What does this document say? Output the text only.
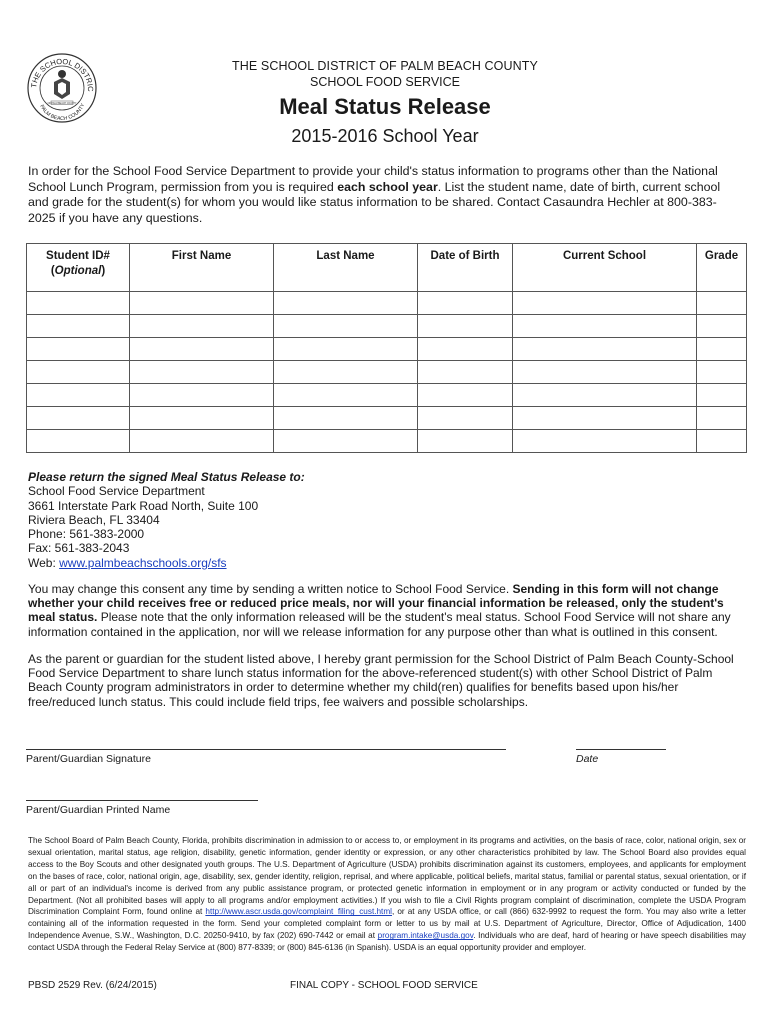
THE SCHOOL DISTRIC
PALM BEACH COUNTY
OF PALM BEACH COUNTY
THE SCHOOL DISTRICT OF PALM BEACH COUNTY
SCHOOL FOOD SERVICE
Meal Status Release
2015-2016 School Year
In order for the School Food Service Department to provide your child's status information to programs other than the National School Lunch Program, permission from you is required each school year. List the student name, date of birth, current school and grade for the student(s) for whom you would like status information to be shared. Contact Casaundra Hechler at 800-383-2025 if you have any questions.
Student ID#
(Optional)	First Name	Last Name	Date of Birth	Current School	Grade

Please return the signed Meal Status Release to:
School Food Service Department
3661 Interstate Park Road North, Suite 100
Riviera Beach, FL 33404
Phone: 561-383-2000
Fax: 561-383-2043
Web: www.palmbeachschools.org/sfs
You may change this consent any time by sending a written notice to School Food Service. Sending in this form will not change whether your child receives free or reduced price meals, nor will your financial information be released, only the student's meal status. Please note that the only information released will be the student's meal status. School Food Service will not share any information contained in the application, nor will we release information for any purpose other than what is outlined in this consent.
As the parent or guardian for the student listed above, I hereby grant permission for the School District of Palm Beach County-School Food Service Department to share lunch status information for the above-referenced student(s) with other School District of Palm Beach County program administrators in order to determine whether my child(ren) qualifies for benefits based upon his/her free/reduced lunch status. This could include field trips, fee waivers and possible scholarships.
Parent/Guardian Signature	Date
Parent/Guardian Printed Name
The School Board of Palm Beach County, Florida, prohibits discrimination in admission to or access to, or employment in its programs and activities, on the basis of race, color, national origin, sex or sexual orientation, marital status, age religion, disability, genetic information, gender identity or expression, or any other characteristics prohibited by law. The School Board also provides equal access to the Boy Scouts and other designated youth groups. The U.S. Department of Agriculture (USDA) prohibits discrimination against its customers, employees, and applicants for employment on the bases of race, color, national origin, age, disability, sex, gender identity, religion, reprisal, and where applicable, political beliefs, marital status, familial or parental status, sexual orientation, or if all or part of an individual's income is derived from any public assistance program, or protected genetic information in employment or in any program or activity conducted or funded by the Department. (Not all prohibited bases will apply to all programs and/or employment activities.) If you wish to file a Civil Rights program complaint of discrimination, complete the USDA Program Discrimination Complaint Form, found online at http://www.ascr.usda.gov/complaint_filing_cust.html, or at any USDA office, or call (866) 632-9992 to request the form. You may also write a letter containing all of the information requested in the form. Send your completed complaint form or letter to us by mail at U.S. Department of Agriculture, Director, Office of Adjudication, 1400 Independence Avenue, S.W., Washington, D.C. 20250-9410, by fax (202) 690-7442 or email at program.intake@usda.gov. Individuals who are deaf, hard of hearing or have speech disabilities may contact USDA through the Federal Relay Service at (800) 877-8339; or (800) 845-6136 (in Spanish). USDA is an equal opportunity provider and employer.
PBSD 2529 Rev. (6/24/2015)	FINAL COPY - SCHOOL FOOD SERVICE
